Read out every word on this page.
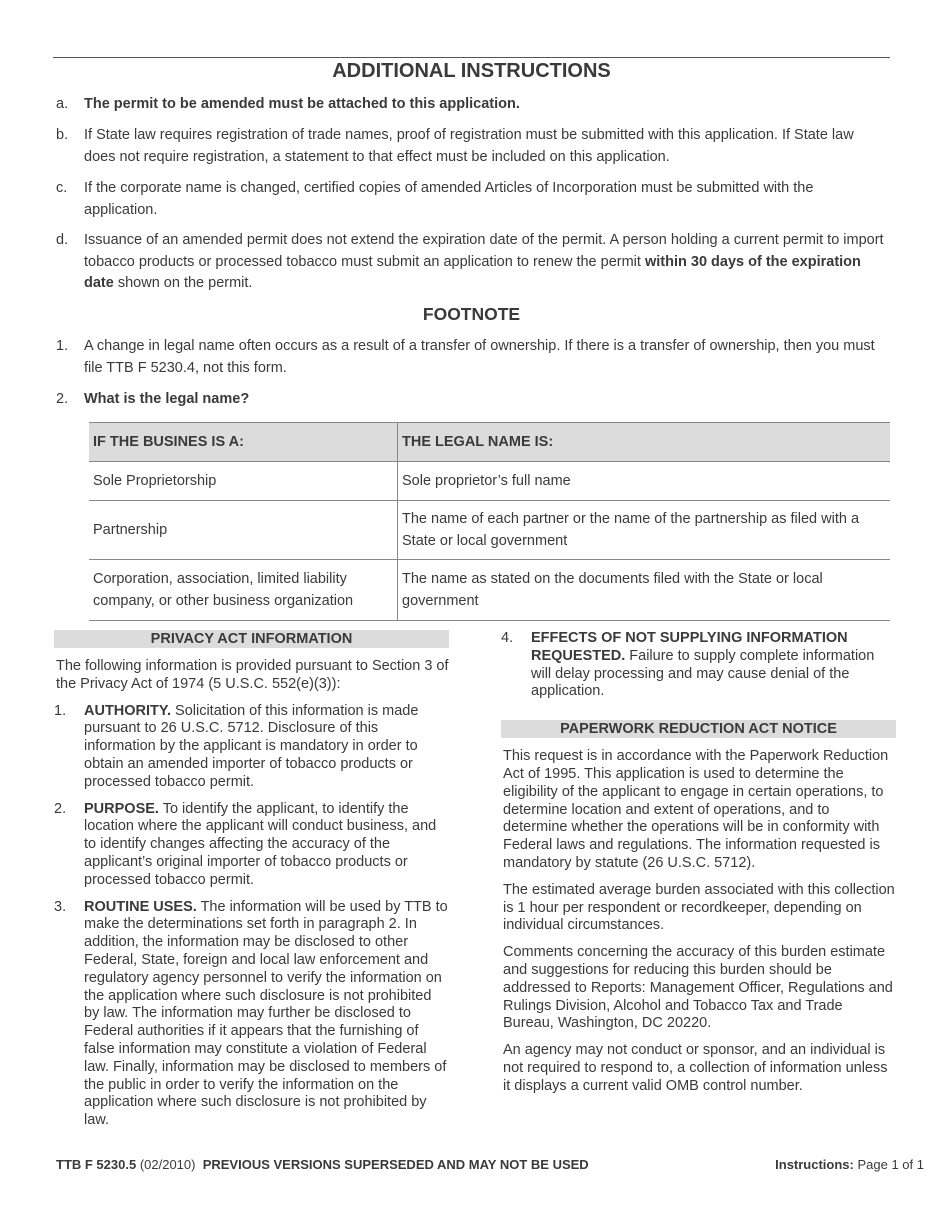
ADDITIONAL INSTRUCTIONS
a.	The permit to be amended must be attached to this application.
b.	If State law requires registration of trade names, proof of registration must be submitted with this application. If State law does not require registration, a statement to that effect must be included on this application.
c.	If the corporate name is changed, certified copies of amended Articles of Incorporation must be submitted with the application.
d.	Issuance of an amended permit does not extend the expiration date of the permit. A person holding a current permit to import tobacco products or processed tobacco must submit an application to renew the permit within 30 days of the expiration date shown on the permit.
FOOTNOTE
1.	A change in legal name often occurs as a result of a transfer of ownership. If there is a transfer of ownership, then you must file TTB F 5230.4, not this form.
2.	What is the legal name?
IF THE BUSINES IS A:	THE LEGAL NAME IS:
Sole Proprietorship	Sole proprietor’s full name
Partnership	The name of each partner or the name of the partnership as filed with a State or local government
Corporation, association, limited liability company, or other business organization	The name as stated on the documents filed with the State or local government
PRIVACY ACT INFORMATION

The following information is provided pursuant to Section 3 of the Privacy Act of 1974 (5 U.S.C. 552(e)(3)):

1. AUTHORITY. Solicitation of this information is made pursuant to 26 U.S.C. 5712. Disclosure of this information by the applicant is mandatory in order to obtain an amended importer of tobacco products or processed tobacco permit.
2. PURPOSE. To identify the applicant, to identify the location where the applicant will conduct business, and to identify changes affecting the accuracy of the applicant’s original importer of tobacco products or processed tobacco permit.
3. ROUTINE USES. The information will be used by TTB to make the determinations set forth in paragraph 2. In addition, the information may be disclosed to other Federal, State, foreign and local law enforcement and regulatory agency personnel to verify the information on the application where such disclosure is not prohibited by law. The information may further be disclosed to Federal authorities if it appears that the furnishing of false information may constitute a violation of Federal law. Finally, information may be disclosed to members of the public in order to verify the information on the application where such disclosure is not prohibited by law.
4. EFFECTS OF NOT SUPPLYING INFORMATION REQUESTED. Failure to supply complete information will delay processing and may cause denial of the application.
PAPERWORK REDUCTION ACT NOTICE

This request is in accordance with the Paperwork Reduction Act of 1995. This application is used to determine the eligibility of the applicant to engage in certain operations, to determine location and extent of operations, and to determine whether the operations will be in conformity with Federal laws and regulations. The information requested is mandatory by statute (26 U.S.C. 5712).

The estimated average burden associated with this collection is 1 hour per respondent or recordkeeper, depending on individual circumstances.

Comments concerning the accuracy of this burden estimate and suggestions for reducing this burden should be addressed to Reports: Management Officer, Regulations and Rulings Division, Alcohol and Tobacco Tax and Trade Bureau, Washington, DC 20220.

An agency may not conduct or sponsor, and an individual is not required to respond to, a collection of information unless it displays a current valid OMB control number.

TTB F 5230.5 (02/2010) PREVIOUS VERSIONS SUPERSEDED AND MAY NOT BE USED	Instructions: Page 1 of 1
